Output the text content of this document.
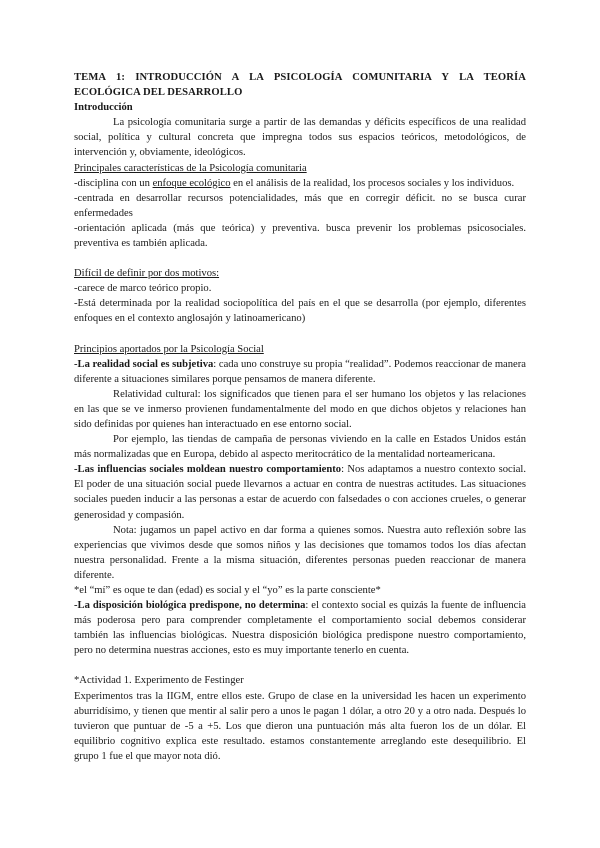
TEMA 1: INTRODUCCIÓN A LA PSICOLOGÍA COMUNITARIA Y LA TEORÍA ECOLÓGICA DEL DESARROLLO
Introducción

La psicología comunitaria surge a partir de las demandas y déficits específicos de una realidad social, política y cultural concreta que impregna todos sus espacios teóricos, metodológicos, de intervención y, obviamente, ideológicos.

Principales características de la Psicología comunitaria

-disciplina con un enfoque ecológico en el análisis de la realidad, los procesos sociales y los individuos.

-centrada en desarrollar recursos potencialidades, más que en corregir déficit. no se busca curar enfermedades

-orientación aplicada (más que teórica) y preventiva. busca prevenir los problemas psicosociales. preventiva es también aplicada.

Difícil de definir por dos motivos:

-carece de marco teórico propio.

-Está determinada por la realidad sociopolítica del país en el que se desarrolla (por ejemplo, diferentes enfoques en el contexto anglosajón y latinoamericano)

Principios aportados por la Psicología Social

-La realidad social es subjetiva: cada uno construye su propia “realidad”. Podemos reaccionar de manera diferente a situaciones similares porque pensamos de manera diferente.

Relatividad cultural: los significados que tienen para el ser humano los objetos y las relaciones en las que se ve inmerso provienen fundamentalmente del modo en que dichos objetos y relaciones han sido definidas por quienes han interactuado en ese entorno social.

Por ejemplo, las tiendas de campaña de personas viviendo en la calle en Estados Unidos están más normalizadas que en Europa, debido al aspecto meritocrático de la mentalidad norteamericana.

-Las influencias sociales moldean nuestro comportamiento: Nos adaptamos a nuestro contexto social. El poder de una situación social puede llevarnos a actuar en contra de nuestras actitudes. Las situaciones sociales pueden inducir a las personas a estar de acuerdo con falsedades o con acciones crueles, o generar generosidad y compasión.

Nota: jugamos un papel activo en dar forma a quienes somos. Nuestra auto reflexión sobre las experiencias que vivimos desde que somos niños y las decisiones que tomamos todos los días afectan nuestra personalidad. Frente a la misma situación, diferentes personas pueden reaccionar de manera diferente.

*el “mí” es oque te dan (edad) es social y el “yo” es la parte consciente*

-La disposición biológica predispone, no determina: el contexto social es quizás la fuente de influencia más poderosa pero para comprender completamente el comportamiento social debemos considerar también las influencias biológicas. Nuestra disposición biológica predispone nuestro comportamiento, pero no determina nuestras acciones, esto es muy importante tenerlo en cuenta.

*Actividad 1. Experimento de Festinger

Experimentos tras la IIGM, entre ellos este. Grupo de clase en la universidad les hacen un experimento aburridísimo, y tienen que mentir al salir pero a unos le pagan 1 dólar, a otro 20 y a otro nada. Después lo tuvieron que puntuar de -5 a +5. Los que dieron una puntuación más alta fueron los de un dólar. El equilibrio cognitivo explica este resultado. estamos constantemente arreglando este desequilibrio. El grupo 1 fue el que mayor nota dió.
